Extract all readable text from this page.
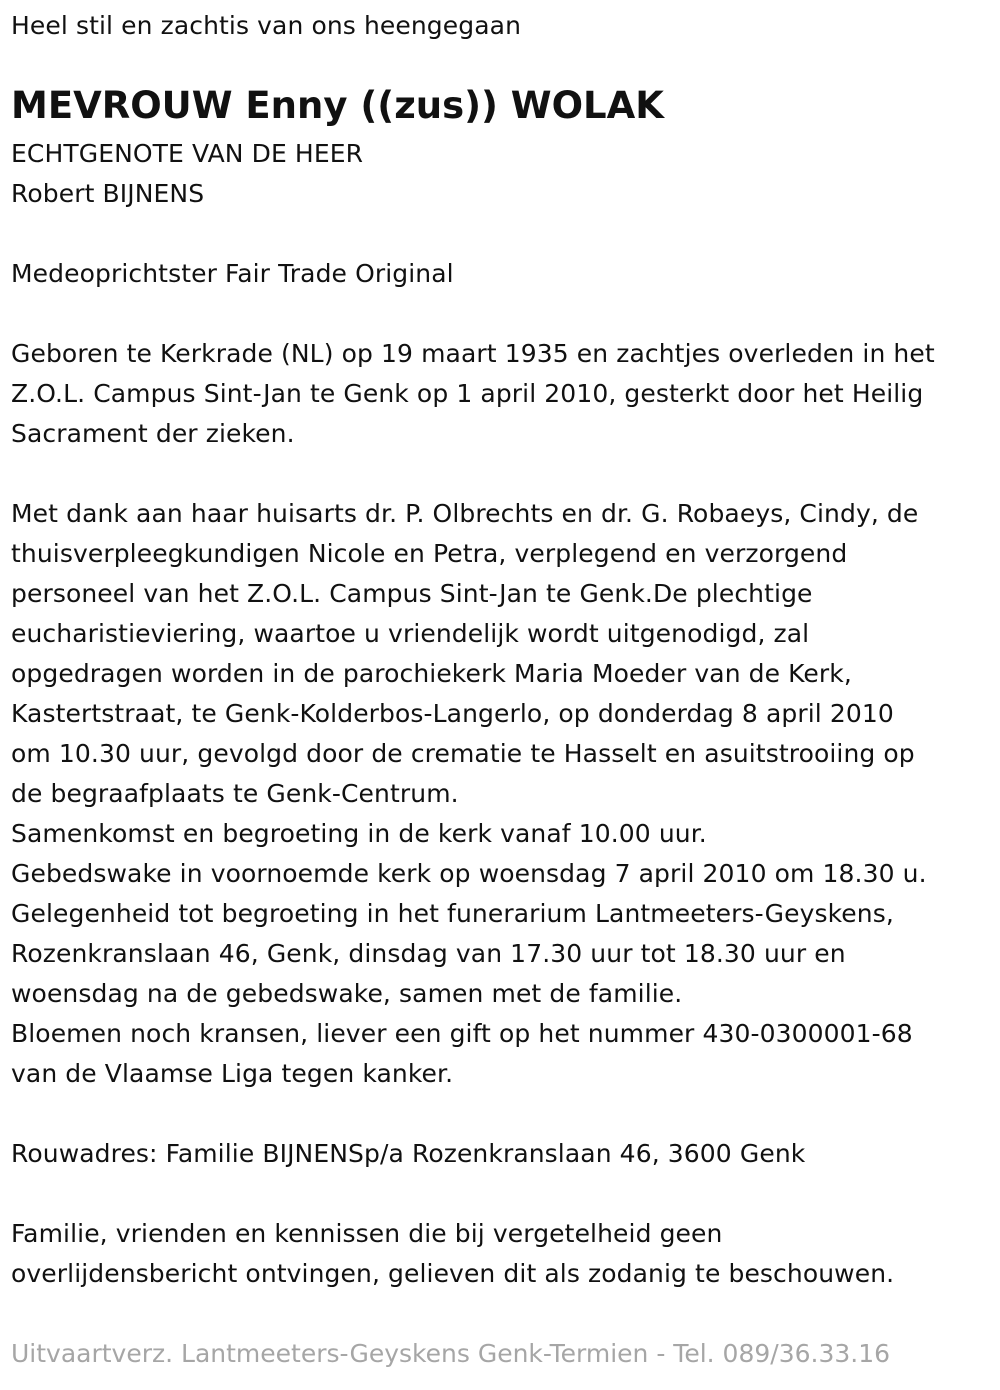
Heel stil en zachtis van ons heengegaan
MEVROUW Enny ((zus)) WOLAK
ECHTGENOTE VAN DE HEER
Robert BIJNENS
Medeoprichtster Fair Trade Original
Geboren te Kerkrade (NL) op 19 maart 1935 en zachtjes overleden in het
Z.O.L. Campus Sint-Jan te Genk op 1 april 2010, gesterkt door het Heilig
Sacrament der zieken.
Met dank aan haar huisarts dr. P. Olbrechts en dr. G. Robaeys, Cindy, de
thuisverpleegkundigen Nicole en Petra, verplegend en verzorgend
personeel van het Z.O.L. Campus Sint-Jan te Genk.De plechtige
eucharistieviering, waartoe u vriendelijk wordt uitgenodigd, zal
opgedragen worden in de parochiekerk Maria Moeder van de Kerk,
Kastertstraat, te Genk-Kolderbos-Langerlo, op donderdag 8 april 2010
om 10.30 uur, gevolgd door de crematie te Hasselt en asuitstrooiing op
de begraafplaats te Genk-Centrum.
Samenkomst en begroeting in de kerk vanaf 10.00 uur.
Gebedswake in voornoemde kerk op woensdag 7 april 2010 om 18.30 u.
Gelegenheid tot begroeting in het funerarium Lantmeeters-Geyskens,
Rozenkranslaan 46, Genk, dinsdag van 17.30 uur tot 18.30 uur en
woensdag na de gebedswake, samen met de familie.
Bloemen noch kransen, liever een gift op het nummer 430-0300001-68
van de Vlaamse Liga tegen kanker.
Rouwadres: Familie BIJNENSp/a Rozenkranslaan 46, 3600 Genk
Familie, vrienden en kennissen die bij vergetelheid geen
overlijdensbericht ontvingen, gelieven dit als zodanig te beschouwen.
Uitvaartverz. Lantmeeters-Geyskens Genk-Termien - Tel. 089/36.33.16
